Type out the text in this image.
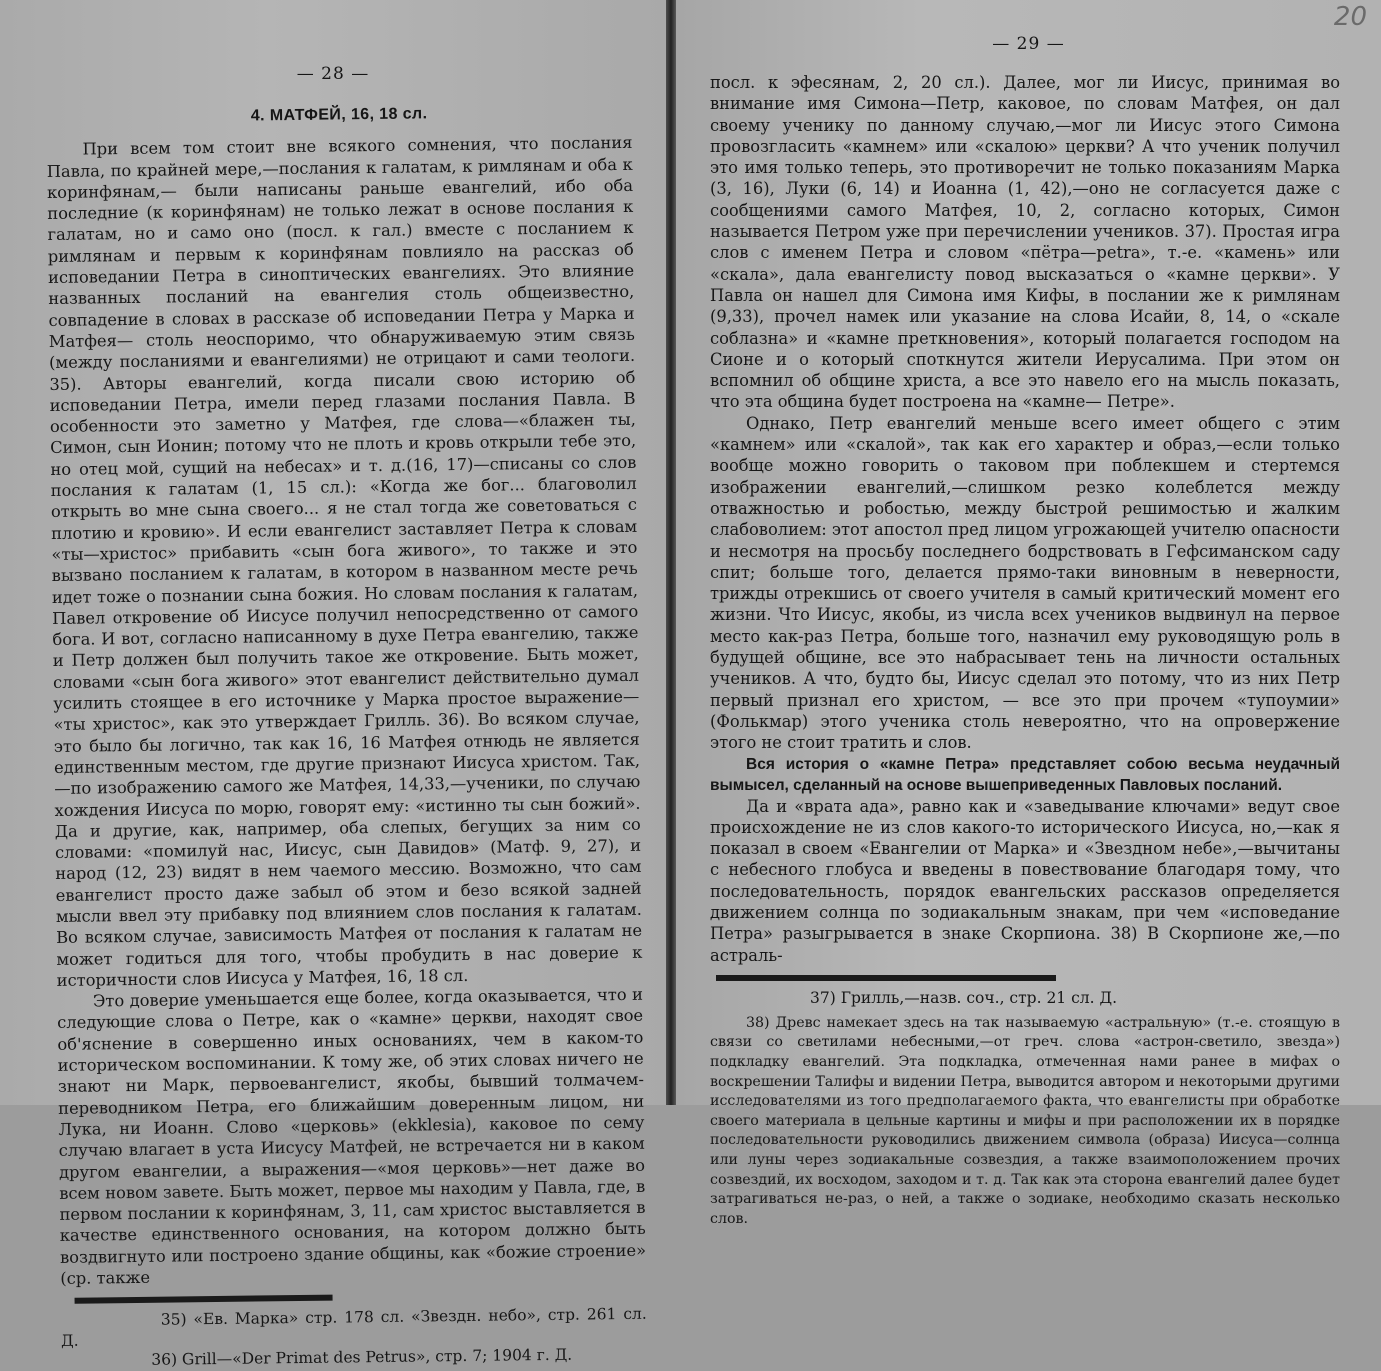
— 28 —
4. МАТФЕЙ, 16, 18 сл.

При всем том стоит вне всякого сомнения, что послания Павла, по крайней мере,—послания к галатам, к римлянам и оба к коринфянам,— были написаны раньше евангелий, ибо оба последние (к коринфянам) не только лежат в основе послания к галатам, но и само оно (посл. к гал.) вместе с посланием к римлянам и первым к коринфянам повлияло на рассказ об исповедании Петра в синоптических евангелиях. Это влияние названных посланий на евангелия столь общеизвестно, совпадение в словах в рассказе об исповедании Петра у Марка и Матфея— столь неоспоримо, что обнаруживаемую этим связь (между посланиями и евангелиями) не отрицают и сами теологи. 35). Авторы евангелий, когда писали свою историю об исповедании Петра, имели перед глазами послания Павла. В особенности это заметно у Матфея, где слова—«блажен ты, Симон, сын Ионин; потому что не плоть и кровь открыли тебе это, но отец мой, сущий на небесах» и т. д.(16, 17)—списаны со слов послания к галатам (1, 15 сл.): «Когда же бог... благоволил открыть во мне сына своего... я не стал тогда же советоваться с плотию и кровию». И если евангелист заставляет Петра к словам «ты—христос» прибавить «сын бога живого», то также и это вызвано посланием к галатам, в котором в названном месте речь идет тоже о познании сына божия. Но словам послания к галатам, Павел откровение об Иисусе получил непосредственно от самого бога. И вот, согласно написанному в духе Петра евангелию, также и Петр должен был получить такое же откровение. Быть может, словами «сын бога живого» этот евангелист действительно думал усилить стоящее в его источнике у Марка простое выражение— «ты христос», как это утверждает Грилль. 36). Во всяком случае, это было бы логично, так как 16, 16 Матфея отнюдь не является единственным местом, где другие признают Иисуса христом. Так,—по изображению самого же Матфея, 14,33,—ученики, по случаю хождения Иисуса по морю, говорят ему: «истинно ты сын божий». Да и другие, как, например, оба слепых, бегущих за ним со словами: «помилуй нас, Иисус, сын Давидов» (Матф. 9, 27), и народ (12, 23) видят в нем чаемого мессию. Возможно, что сам евангелист просто даже забыл об этом и безо всякой задней мысли ввел эту прибавку под влиянием слов послания к галатам. Во всяком случае, зависимость Матфея от послания к галатам не может годиться для того, чтобы пробудить в нас доверие к историчности слов Иисуса у Матфея, 16, 18 сл.

Это доверие уменьшается еще более, когда оказывается, что и следующие слова о Петре, как о «камне» церкви, находят свое об'яснение в совершенно иных основаниях, чем в каком-то историческом воспоминании. К тому же, об этих словах ничего не знают ни Марк, первоевангелист, якобы, бывший толмачем-переводником Петра, его ближайшим доверенным лицом, ни Лука, ни Иоанн. Слово «церковь» (ekklesia), каковое по сему случаю влагает в уста Иисусу Матфей, не встречается ни в каком другом евангелии, а выражения—«моя церковь»—нет даже во всем новом завете. Быть может, первое мы находим у Павла, где, в первом послании к коринфянам, 3, 11, сам христос выставляется в качестве единственного основания, на котором должно быть воздвигнуто или построено здание общины, как «божие строение» (ср. также

35) «Ев. Марка» стр. 178 сл. «Звездн. небо», стр. 261 сл. Д.
36) Grill—«Der Primat des Petrus», стр. 7; 1904 г. Д.
20
— 29 —

посл. к эфесянам, 2, 20 сл.). Далее, мог ли Иисус, принимая во внимание имя Симона—Петр, каковое, по словам Матфея, он дал своему ученику по данному случаю,—мог ли Иисус этого Симона провозгласить «камнем» или «скалою» церкви? А что ученик получил это имя только теперь, это противоречит не только показаниям Марка (3, 16), Луки (6, 14) и Иоанна (1, 42),—оно не согласуется даже с сообщениями самого Матфея, 10, 2, согласно которых, Симон называется Петром уже при перечислении учеников. 37). Простая игра слов с именем Петра и словом «пётра—petra», т.-е. «камень» или «скала», дала евангелисту повод высказаться о «камне церкви». У Павла он нашел для Симона имя Кифы, в послании же к римлянам (9,33), прочел намек или указание на слова Исайи, 8, 14, о «скале соблазна» и «камне преткновения», который полагается господом на Сионе и о который споткнутся жители Иерусалима. При этом он вспомнил об общине христа, а все это навело его на мысль показать, что эта община будет построена на «камне— Петре».

Однако, Петр евангелий меньше всего имеет общего с этим «камнем» или «скалой», так как его характер и образ,—если только вообще можно говорить о таковом при поблекшем и стертемся изображении евангелий,—слишком резко колеблется между отважностью и робостью, между быстрой решимостью и жалким слабоволием: этот апостол пред лицом угрожающей учителю опасности и несмотря на просьбу последнего бодрствовать в Гефсиманском саду спит; больше того, делается прямо-таки виновным в неверности, трижды отрекшись от своего учителя в самый критический момент его жизни. Что Иисус, якобы, из числа всех учеников выдвинул на первое место как-раз Петра, больше того, назначил ему руководящую роль в будущей общине, все это набрасывает тень на личности остальных учеников. А что, будто бы, Иисус сделал это потому, что из них Петр первый признал его христом, — все это при прочем «тупоумии» (Фолькмар) этого ученика столь невероятно, что на опровержение этого не стоит тратить и слов.

Вся история о «камне Петра» представляет собою весьма неудачный вымысел, сделанный на основе вышеприведенных Павловых посланий.

Да и «врата ада», равно как и «заведывание ключами» ведут свое происхождение не из слов какого-то исторического Иисуса, но,—как я показал в своем «Евангелии от Марка» и «Звездном небе»,—вычитаны с небесного глобуса и введены в повествование благодаря тому, что последовательность, порядок евангельских рассказов определяется движением солнца по зодиакальным знакам, при чем «исповедание Петра» разыгрывается в знаке Скорпиона. 38) В Скорпионе же,—по астраль-

37) Грилль,—назв. соч., стр. 21 сл. Д.
38) Древс намекает здесь на так называемую «астральную» (т.-е. стоящую в связи со светилами небесными,—от греч. слова «астрон-светило, звезда») подкладку евангелий. Эта подкладка, отмеченная нами ранее в мифах о воскрешении Талифы и видении Петра, выводится автором и некоторыми другими исследователями из того предполагаемого факта, что евангелисты при обработке своего материала в цельные картины и мифы и при расположении их в порядке последовательности руководились движением символа (образа) Иисуса—солнца или луны через зодиакальные созвездия, а также взаимоположением прочих созвездий, их восходом, заходом и т. д. Так как эта сторона евангелий далее будет затрагиваться не-раз, о ней, а также о зодиаке, необходимо сказать несколько слов.
